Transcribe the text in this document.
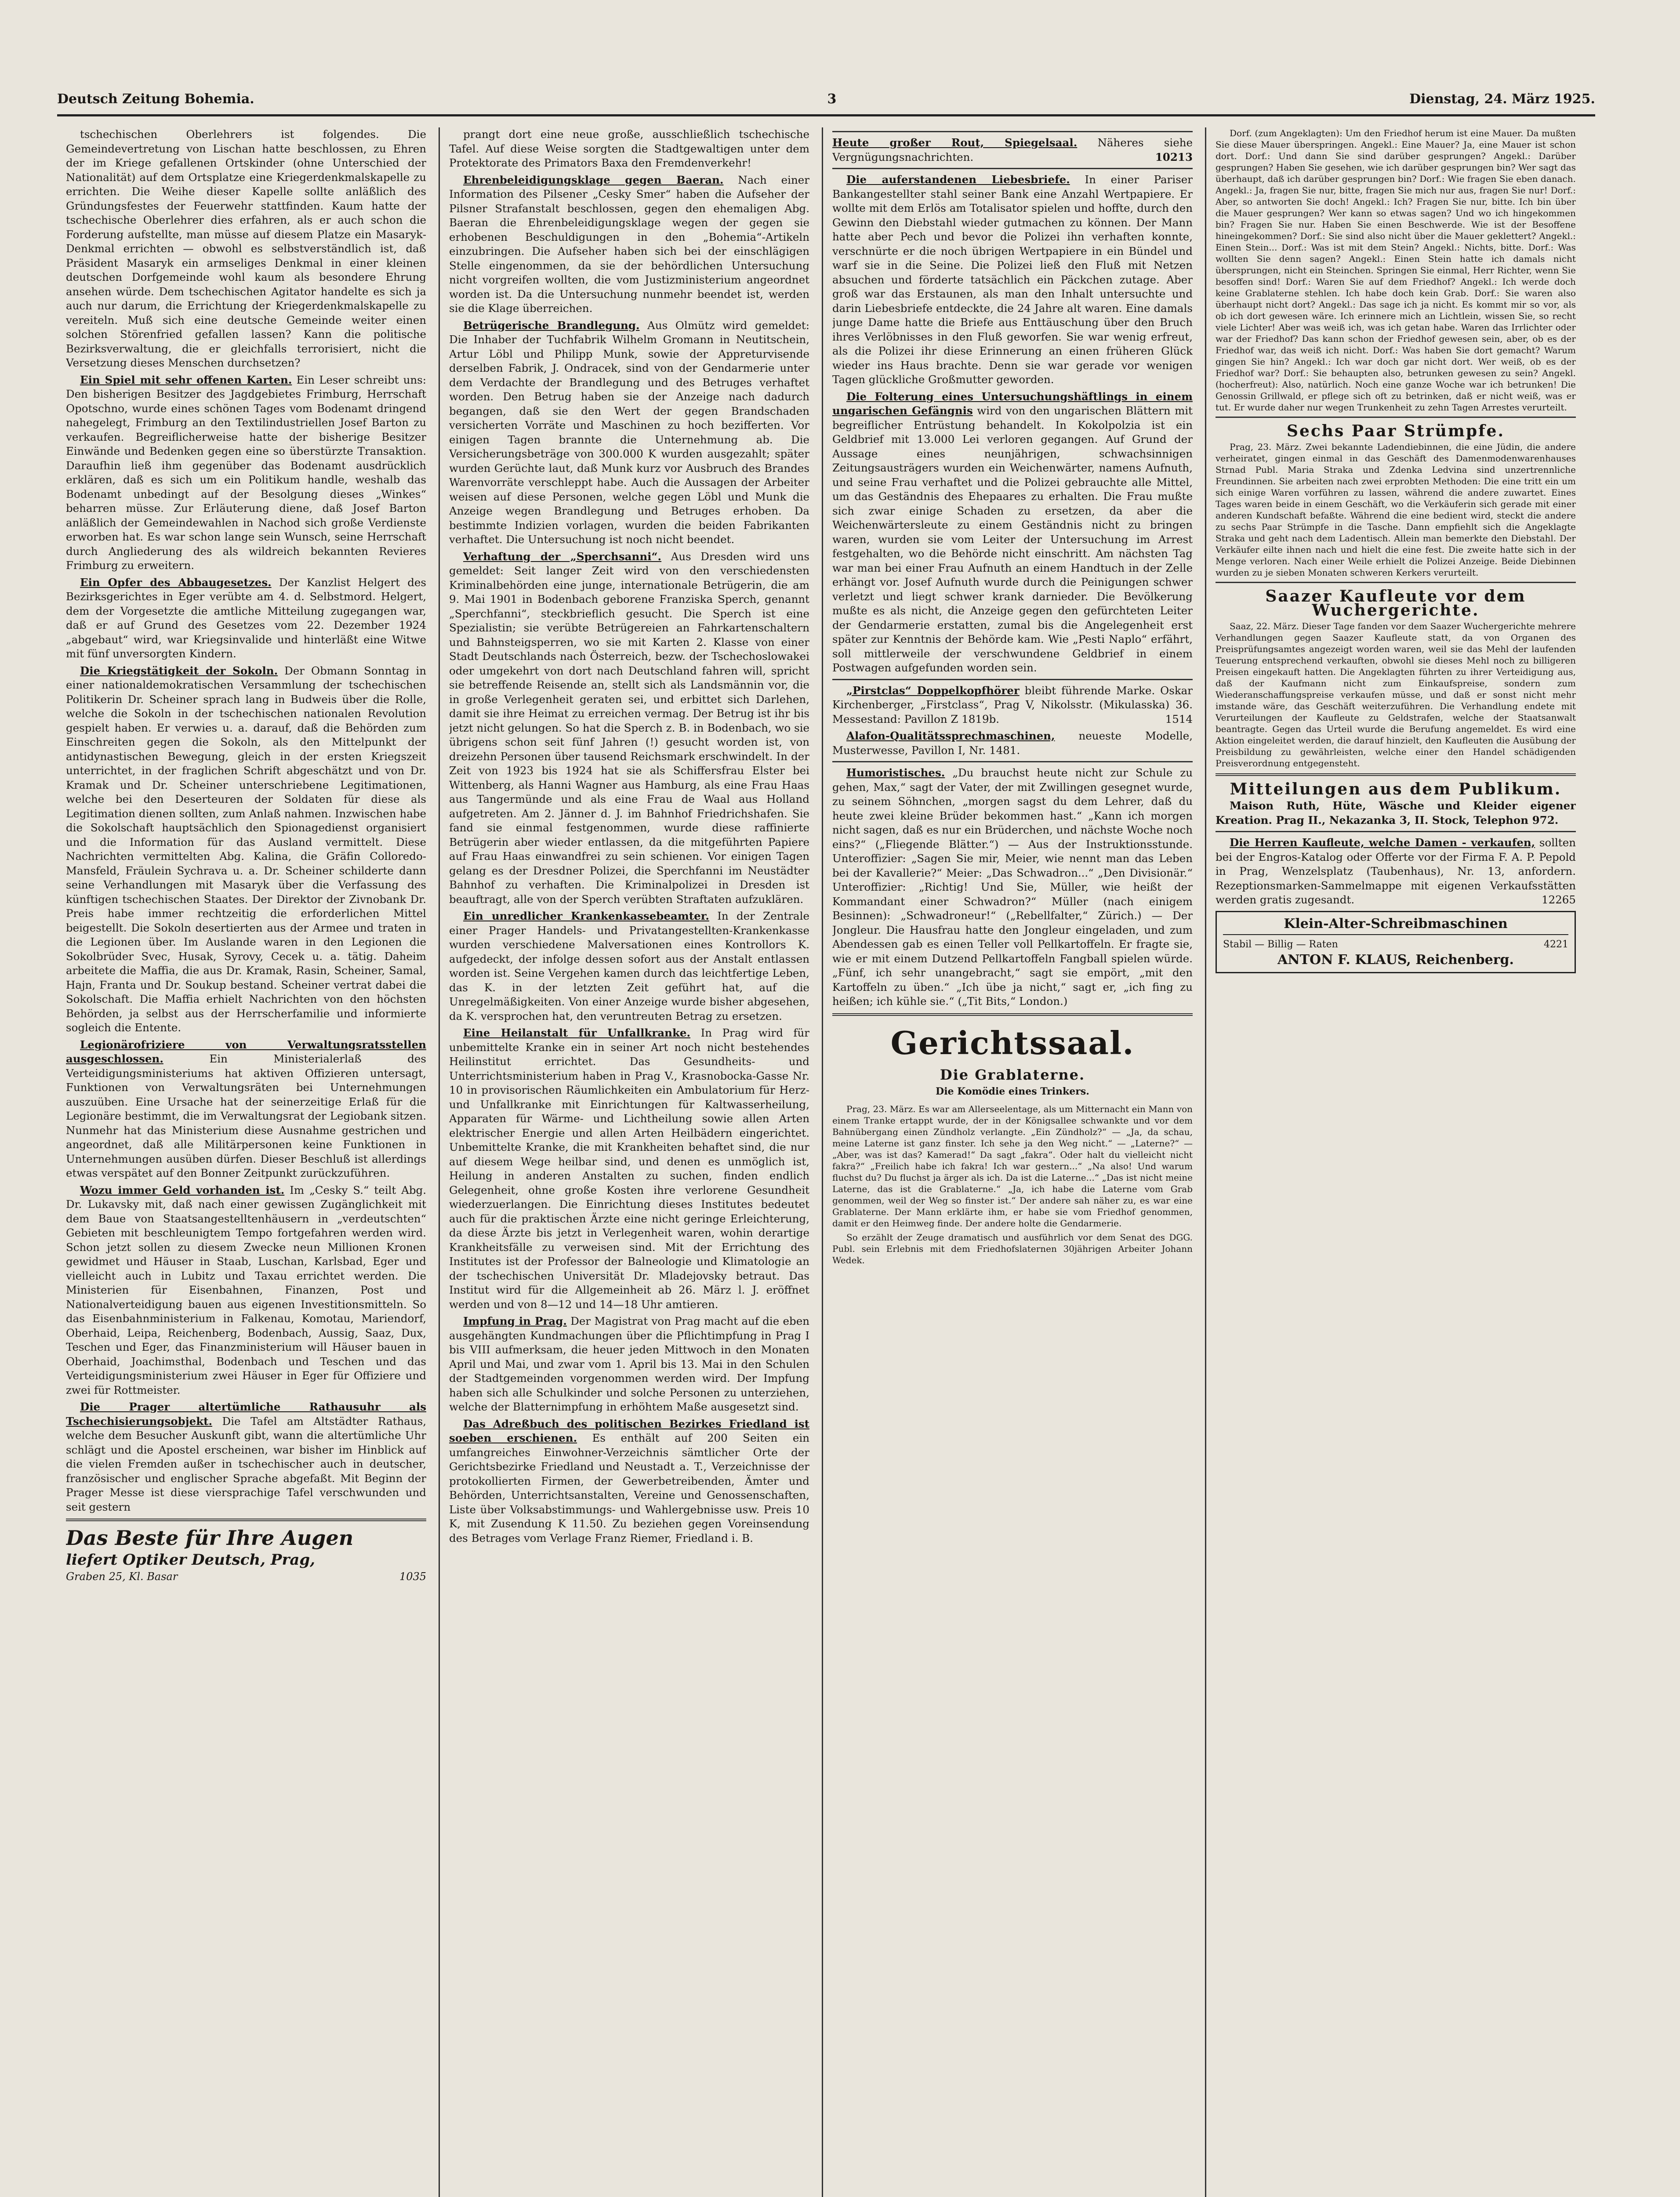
Deutsch Zeitung Bohemia.	3	Dienstag, 24. März 1925.

tschechischen Oberlehrers ist folgendes. Die Gemeindevertretung von Lischan hatte beschlossen, zu Ehren der im Kriege gefallenen Ortskinder (ohne Unterschied der Nationalität) auf dem Ortsplatze eine Kriegerdenkmalskapelle zu errichten. Die Weihe dieser Kapelle sollte anläßlich des Gründungsfestes der Feuerwehr stattfinden. Kaum hatte der tschechische Oberlehrer dies erfahren, als er auch schon die Forderung aufstellte, man müsse auf diesem Platze ein Masaryk-Denkmal errichten — obwohl es selbstverständlich ist, daß Präsident Masaryk ein armseliges Denkmal in einer kleinen deutschen Dorfgemeinde wohl kaum als besondere Ehrung ansehen würde. Dem tschechischen Agitator handelte es sich ja auch nur darum, die Errichtung der Kriegerdenkmalskapelle zu vereiteln. Muß sich eine deutsche Gemeinde weiter einen solchen Störenfried gefallen lassen? Kann die politische Bezirksverwaltung, die er gleichfalls terrorisiert, nicht die Versetzung dieses Menschen durchsetzen?

Ein Spiel mit sehr offenen Karten. Ein Leser schreibt uns: Den bisherigen Besitzer des Jagdgebietes Frimburg, Herrschaft Opotschno, wurde eines schönen Tages vom Bodenamt dringend nahegelegt, Frimburg an den Textilindustriellen Josef Barton zu verkaufen. Begreiflicherweise hatte der bisherige Besitzer Einwände und Bedenken gegen eine so überstürzte Transaktion. Daraufhin ließ ihm gegenüber das Bodenamt ausdrücklich erklären, daß es sich um ein Politikum handle, weshalb das Bodenamt unbedingt auf der Besolgung dieses „Winkes“ beharren müsse. Zur Erläuterung diene, daß Josef Barton anläßlich der Gemeindewahlen in Nachod sich große Verdienste erworben hat. Es war schon lange sein Wunsch, seine Herrschaft durch Angliederung des als wildreich bekannten Revieres Frimburg zu erweitern.

Ein Opfer des Abbaugesetzes. Der Kanzlist Helgert des Bezirksgerichtes in Eger verübte am 4. d. Selbstmord. Helgert, dem der Vorgesetzte die amtliche Mitteilung zugegangen war, daß er auf Grund des Gesetzes vom 22. Dezember 1924 „abgebaut“ wird, war Kriegsinvalide und hinterläßt eine Witwe mit fünf unversorgten Kindern.

Die Kriegstätigkeit der Sokoln. Der Obmann Sonntag in einer nationaldemokratischen Versammlung der tschechischen Politikerin Dr. Scheiner sprach lang in Budweis über die Rolle, welche die Sokoln in der tschechischen nationalen Revolution gespielt haben. Er verwies u. a. darauf, daß die Behörden zum Einschreiten gegen die Sokoln, als den Mittelpunkt der antidynastischen Bewegung, gleich in der ersten Kriegszeit unterrichtet, in der fraglichen Schrift abgeschätzt und von Dr. Kramak und Dr. Scheiner unterschriebene Legitimationen, welche bei den Deserteuren der Soldaten für diese als Legitimation dienen sollten, zum Anlaß nahmen. Inzwischen habe die Sokolschaft hauptsächlich den Spionagedienst organisiert und die Information für das Ausland vermittelt. Diese Nachrichten vermittelten Abg. Kalina, die Gräfin Colloredo-Mansfeld, Fräulein Sychrava u. a. Dr. Scheiner schilderte dann seine Verhandlungen mit Masaryk über die Verfassung des künftigen tschechischen Staates. Der Direktor der Zivnobank Dr. Preis habe immer rechtzeitig die erforderlichen Mittel beigestellt. Die Sokoln desertierten aus der Armee und traten in die Legionen über. Im Auslande waren in den Legionen die Sokolbrüder Svec, Husak, Syrovy, Cecek u. a. tätig. Daheim arbeitete die Maffia, die aus Dr. Kramak, Rasin, Scheiner, Samal, Hajn, Franta und Dr. Soukup bestand. Scheiner vertrat dabei die Sokolschaft. Die Maffia erhielt Nachrichten von den höchsten Behörden, ja selbst aus der Herrscherfamilie und informierte sogleich die Entente.

Legionärofriziere von Verwaltungsratsstellen ausgeschlossen.	Ein Ministerialerlaß des Verteidigungsministeriums hat aktiven Offizieren untersagt, Funktionen von Verwaltungsräten bei Unternehmungen auszuüben. Eine Ursache hat der seinerzeitige Erlaß für die Legionäre bestimmt, die im Verwaltungsrat der Legiobank sitzen. Nunmehr hat das Ministerium diese Ausnahme gestrichen und angeordnet, daß alle Militärpersonen keine Funktionen in Unternehmungen ausüben dürfen. Dieser Beschluß ist allerdings etwas verspätet auf den Bonner Zeitpunkt zurückzuführen.

Wozu immer Geld vorhanden ist. Im „Cesky S.“ teilt Abg. Dr. Lukavsky mit, daß nach einer gewissen Zugänglichkeit mit dem Baue von Staatsangestelltenhäusern in „verdeutschten“ Gebieten mit beschleunigtem Tempo fortgefahren werden wird. Schon jetzt sollen zu diesem Zwecke neun Millionen Kronen gewidmet und Häuser in Staab, Luschan, Karlsbad, Eger und vielleicht auch in Lubitz und Taxau errichtet werden. Die Ministerien für Eisenbahnen, Finanzen, Post und Nationalverteidigung bauen aus eigenen Investitionsmitteln. So das Eisenbahnministerium in Falkenau, Komotau, Mariendorf, Oberhaid, Leipa, Reichenberg, Bodenbach, Aussig, Saaz, Dux, Teschen und Eger, das Finanzministerium will Häuser bauen in Oberhaid, Joachimsthal, Bodenbach und Teschen und das Verteidigungsministerium zwei Häuser in Eger für Offiziere und zwei für Rottmeister.

Die Prager altertümliche Rathausuhr als Tschechisierungsobjekt. Die Tafel am Altstädter Rathaus, welche dem Besucher Auskunft gibt, wann die altertümliche Uhr schlägt und die Apostel erscheinen, war bisher im Hinblick auf die vielen Fremden außer in tschechischer auch in deutscher, französischer und englischer Sprache abgefaßt. Mit Beginn der Prager Messe ist diese viersprachige Tafel verschwunden und seit gestern

Das Beste für Ihre Augen
liefert Optiker Deutsch, Prag,
Graben 25, Kl. Basar	1035

prangt dort eine neue große, ausschließlich tschechische Tafel. Auf diese Weise sorgten die Stadtgewaltigen unter dem Protektorate des Primators Baxa den Fremdenverkehr!

Ehrenbeleidigungsklage gegen Baeran. Nach einer Information des Pilsener „Cesky Smer“ haben die Aufseher der Pilsner Strafanstalt beschlossen, gegen den ehemaligen Abg. Baeran die Ehrenbeleidigungsklage wegen der gegen sie erhobenen Beschuldigungen in den „Bohemia“-Artikeln einzubringen. Die Aufseher haben sich bei der einschlägigen Stelle eingenommen, da sie der behördlichen Untersuchung nicht vorgreifen wollten, die vom Justizministerium angeordnet worden ist. Da die Untersuchung nunmehr beendet ist, werden sie die Klage überreichen.

Betrügerische Brandlegung. Aus Olmütz wird gemeldet: Die Inhaber der Tuchfabrik Wilhelm Gromann in Neutitschein, Artur Löbl und Philipp Munk, sowie der Appreturvisende derselben Fabrik, J. Ondracek, sind von der Gendarmerie unter dem Verdachte der Brandlegung und des Betruges verhaftet worden. Den Betrug haben sie der Anzeige nach dadurch begangen, daß sie den Wert der gegen Brandschaden versicherten Vorräte und Maschinen zu hoch bezifferten. Vor einigen Tagen brannte die Unternehmung ab. Die Versicherungsbeträge von 300.000 K wurden ausgezahlt; später wurden Gerüchte laut, daß Munk kurz vor Ausbruch des Brandes Warenvorräte verschleppt habe. Auch die Aussagen der Arbeiter weisen auf diese Personen, welche gegen Löbl und Munk die Anzeige wegen Brandlegung und Betruges erhoben. Da bestimmte Indizien vorlagen, wurden die beiden Fabrikanten verhaftet. Die Untersuchung ist noch nicht beendet.

Verhaftung der „Sperchsanni“. Aus Dresden wird uns gemeldet: Seit langer Zeit wird von den verschiedensten Kriminalbehörden eine junge, internationale Betrügerin, die am 9. Mai 1901 in Bodenbach geborene Franziska Sperch, genannt „Sperchfanni“, steckbrieflich gesucht. Die Sperch ist eine Spezialistin; sie verübte Betrügereien an Fahrkartenschaltern und Bahnsteigsperren, wo sie mit Karten 2. Klasse von einer Stadt Deutschlands nach Österreich, bezw. der Tschechoslowakei oder umgekehrt von dort nach Deutschland fahren will, spricht sie betreffende Reisende an, stellt sich als Landsmännin vor, die in große Verlegenheit geraten sei, und erbittet sich Darlehen, damit sie ihre Heimat zu erreichen vermag. Der Betrug ist ihr bis jetzt nicht gelungen. So hat die Sperch z. B. in Bodenbach, wo sie übrigens schon seit fünf Jahren (!) gesucht worden ist, von dreizehn Personen über tausend Reichsmark erschwindelt. In der Zeit von 1923 bis 1924 hat sie als Schiffersfrau Elster bei Wittenberg, als Hanni Wagner aus Hamburg, als eine Frau Haas aus Tangermünde und als eine Frau de Waal aus Holland aufgetreten. Am 2. Jänner d. J. im Bahnhof Friedrichshafen. Sie fand sie einmal festgenommen, wurde diese raffinierte Betrügerin aber wieder entlassen, da die mitgeführten Papiere auf Frau Haas einwandfrei zu sein schienen. Vor einigen Tagen gelang es der Dresdner Polizei, die Sperchfanni im Neustädter Bahnhof zu verhaften. Die Kriminalpolizei in Dresden ist beauftragt, alle von der Sperch verübten Straftaten aufzuklären.

Ein unredlicher Krankenkassebeamter. In der Zentrale einer Prager Handels- und Privatangestellten-Krankenkasse wurden verschiedene Malversationen eines Kontrollors K. aufgedeckt, der infolge dessen sofort aus der Anstalt entlassen worden ist. Seine Vergehen kamen durch das leichtfertige Leben, das K. in der letzten Zeit geführt hat, auf die Unregelmäßigkeiten. Von einer Anzeige wurde bisher abgesehen, da K. versprochen hat, den veruntreuten Betrag zu ersetzen.

Eine Heilanstalt für Unfallkranke. In Prag wird für unbemittelte Kranke ein in seiner Art noch nicht bestehendes Heilinstitut errichtet. Das Gesundheits- und Unterrichtsministerium haben in Prag V., Krasnobocka-Gasse Nr. 10 in provisorischen Räumlichkeiten ein Ambulatorium für Herz- und Unfallkranke mit Einrichtungen für Kaltwasserheilung, Apparaten für Wärme- und Lichtheilung sowie allen Arten elektrischer Energie und allen Arten Heilbädern eingerichtet. Unbemittelte Kranke, die mit Krankheiten behaftet sind, die nur auf diesem Wege heilbar sind, und denen es unmöglich ist, Heilung in anderen Anstalten zu suchen, finden endlich Gelegenheit, ohne große Kosten ihre verlorene Gesundheit wiederzuerlangen. Die Einrichtung dieses Institutes bedeutet auch für die praktischen Ärzte eine nicht geringe Erleichterung, da diese Ärzte bis jetzt in Verlegenheit waren, wohin derartige Krankheitsfälle zu verweisen sind. Mit der Errichtung des Institutes ist der Professor der Balneologie und Klimatologie an der tschechischen Universität Dr. Mladejovsky betraut. Das Institut wird für die Allgemeinheit ab 26. März l. J. eröffnet werden und von 8—12 und 14—18 Uhr amtieren.

Impfung in Prag. Der Magistrat von Prag macht auf die eben ausgehängten Kundmachungen über die Pflichtimpfung in Prag I bis VIII aufmerksam, die heuer jeden Mittwoch in den Monaten April und Mai, und zwar vom 1. April bis 13. Mai in den Schulen der Stadtgemeinden vorgenommen werden wird. Der Impfung haben sich alle Schulkinder und solche Personen zu unterziehen, welche der Blatternimpfung in erhöhtem Maße ausgesetzt sind.

Das Adreßbuch des politischen Bezirkes Friedland ist soeben erschienen. Es enthält auf 200 Seiten ein umfangreiches Einwohner-Verzeichnis sämtlicher Orte der Gerichtsbezirke Friedland und Neustadt a. T., Verzeichnisse der protokollierten Firmen, der Gewerbetreibenden, Ämter und Behörden, Unterrichtsanstalten, Vereine und Genossenschaften, Liste über Volksabstimmungs- und Wahlergebnisse usw. Preis 10 K, mit Zusendung K 11.50. Zu beziehen gegen Voreinsendung des Betrages vom Verlage Franz Riemer, Friedland i. B.

Heute großer Rout, Spiegelsaal. Näheres siehe Vergnügungsnachrichten.	10213

Die auferstandenen Liebesbriefe. In einer Pariser Bankangestellter stahl seiner Bank eine Anzahl Wertpapiere. Er wollte mit dem Erlös am Totalisator spielen und hoffte, durch den Gewinn den Diebstahl wieder gutmachen zu können. Der Mann hatte aber Pech und bevor die Polizei ihn verhaften konnte, verschnürte er die noch übrigen Wertpapiere in ein Bündel und warf sie in die Seine. Die Polizei ließ den Fluß mit Netzen absuchen und förderte tatsächlich ein Päckchen zutage. Aber groß war das Erstaunen, als man den Inhalt untersuchte und darin Liebesbriefe entdeckte, die 24 Jahre alt waren. Eine damals junge Dame hatte die Briefe aus Enttäuschung über den Bruch ihres Verlöbnisses in den Fluß geworfen. Sie war wenig erfreut, als die Polizei ihr diese Erinnerung an einen früheren Glück wieder ins Haus brachte. Denn sie war gerade vor wenigen Tagen glückliche Großmutter geworden.

Die Folterung eines Untersuchungshäftlings in einem ungarischen Gefängnis wird von den ungarischen Blättern mit begreiflicher Entrüstung behandelt. In Kokolpolzia ist ein Geldbrief mit 13.000 Lei verloren gegangen. Auf Grund der Aussage eines neunjährigen, schwachsinnigen Zeitungsausträgers wurden ein Weichenwärter, namens Aufnuth, und seine Frau verhaftet und die Polizei gebrauchte alle Mittel, um das Geständnis des Ehepaares zu erhalten. Die Frau mußte sich zwar einige Schaden zu ersetzen, da aber die Weichenwärtersleute zu einem Geständnis nicht zu bringen waren, wurden sie vom Leiter der Untersuchung im Arrest festgehalten, wo die Behörde nicht einschritt. Am nächsten Tag war man bei einer Frau Aufnuth an einem Handtuch in der Zelle erhängt vor. Josef Aufnuth wurde durch die Peinigungen schwer verletzt und liegt schwer krank darnieder. Die Bevölkerung mußte es als nicht, die Anzeige gegen den gefürchteten Leiter der Gendarmerie erstatten, zumal bis die Angelegenheit erst später zur Kenntnis der Behörde kam. Wie „Pesti Naplo“ erfährt, soll mittlerweile der verschwundene Geldbrief in einem Postwagen aufgefunden worden sein.

„Pirstclas“ Doppelkopfhörer bleibt führende Marke. Oskar Kirchenberger, „Firstclass“, Prag V, Nikolsstr. (Mikulasska) 36. Messestand: Pavillon Z 1819b.	1514

Alafon-Qualitätssprechmaschinen, neueste Modelle, Musterwesse, Pavillon I, Nr. 1481.

Humoristisches. „Du brauchst heute nicht zur Schule zu gehen, Max,“ sagt der Vater, der mit Zwillingen gesegnet wurde, zu seinem Söhnchen, „morgen sagst du dem Lehrer, daß du heute zwei kleine Brüder bekommen hast.“ „Kann ich morgen nicht sagen, daß es nur ein Brüderchen, und nächste Woche noch eins?“ („Fliegende Blätter.“) — Aus der Instruktionsstunde. Unteroffizier: „Sagen Sie mir, Meier, wie nennt man das Leben bei der Kavallerie?“ Meier: „Das Schwadron...“ „Den Divisionär.“ Unteroffizier: „Richtig! Und Sie, Müller, wie heißt der Kommandant einer Schwadron?“ Müller (nach einigem Besinnen): „Schwadroneur!“ („Rebellfalter,“ Zürich.) — Der Jongleur. Die Hausfrau hatte den Jongleur eingeladen, und zum Abendessen gab es einen Teller voll Pellkartoffeln. Er fragte sie, wie er mit einem Dutzend Pellkartoffeln Fangball spielen würde. „Fünf, ich sehr unangebracht,“ sagt sie empört, „mit den Kartoffeln zu üben.“ „Ich übe ja nicht,“ sagt er, „ich fing zu heißen; ich kühle sie.“ („Tit Bits,“ London.)

Gerichtssaal.
Die Grablaterne.
Die Komödie eines Trinkers.

Prag, 23. März. Es war am Allerseelentage, als um Mitternacht ein Mann von einem Tranke ertappt wurde, der in der Königsallee schwankte und vor dem Bahnübergang einen Zündholz verlangte. „Ein Zündholz?“ — „Ja, da schau, meine Laterne ist ganz finster. Ich sehe ja den Weg nicht.“ — „Laterne?“ — „Aber, was ist das? Kamerad!“ Da sagt „fakra“. Oder halt du vielleicht nicht fakra?“ „Freilich habe ich fakra! Ich war gestern...“ „Na also! Und warum fluchst du? Du fluchst ja ärger als ich. Da ist die Laterne...“ „Das ist nicht meine Laterne, das ist die Grablaterne.“ „Ja, ich habe die Laterne vom Grab genommen, weil der Weg so finster ist.“ Der andere sah näher zu, es war eine Grablaterne. Der Mann erklärte ihm, er habe sie vom Friedhof genommen, damit er den Heimweg finde. Der andere holte die Gendarmerie.

So erzählt der Zeuge dramatisch und ausführlich vor dem Senat des DGG. Publ. sein Erlebnis mit dem Friedhofslaternen 30jährigen Arbeiter Johann Wedek.

Dorf. (zum Angeklagten): Um den Friedhof herum ist eine Mauer. Da mußten Sie diese Mauer überspringen. Angekl.: Eine Mauer? Ja, eine Mauer ist schon dort. Dorf.: Und dann Sie sind darüber gesprungen? Angekl.: Darüber gesprungen? Haben Sie gesehen, wie ich darüber gesprungen bin? Wer sagt das überhaupt, daß ich darüber gesprungen bin? Dorf.: Wie fragen Sie eben danach. Angekl.: Ja, fragen Sie nur, bitte, fragen Sie mich nur aus, fragen Sie nur! Dorf.: Aber, so antworten Sie doch! Angekl.: Ich? Fragen Sie nur, bitte. Ich bin über die Mauer gesprungen? Wer kann so etwas sagen? Und wo ich hingekommen bin? Fragen Sie nur. Haben Sie einen Beschwerde. Wie ist der Besoffene hineingekommen? Dorf.: Sie sind also nicht über die Mauer geklettert? Angekl.: Einen Stein... Dorf.: Was ist mit dem Stein? Angekl.: Nichts, bitte. Dorf.: Was wollten Sie denn sagen? Angekl.: Einen Stein hatte ich damals nicht übersprungen, nicht ein Steinchen. Springen Sie einmal, Herr Richter, wenn Sie besoffen sind! Dorf.: Waren Sie auf dem Friedhof? Angekl.: Ich werde doch keine Grablaterne stehlen. Ich habe doch kein Grab. Dorf.: Sie waren also überhaupt nicht dort? Angekl.: Das sage ich ja nicht. Es kommt mir so vor, als ob ich dort gewesen wäre. Ich erinnere mich an Lichtlein, wissen Sie, so recht viele Lichter! Aber was weiß ich, was ich getan habe. Waren das Irrlichter oder war der Friedhof? Das kann schon der Friedhof gewesen sein, aber, ob es der Friedhof war, das weiß ich nicht. Dorf.: Was haben Sie dort gemacht? Warum gingen Sie hin? Angekl.: Ich war doch gar nicht dort. Wer weiß, ob es der Friedhof war? Dorf.: Sie behaupten also, betrunken gewesen zu sein? Angekl. (hocherfreut): Also, natürlich. Noch eine ganze Woche war ich betrunken! Die Genossin Grillwald, er pflege sich oft zu betrinken, daß er nicht weiß, was er tut. Er wurde daher nur wegen Trunkenheit zu zehn Tagen Arrestes verurteilt.

Sechs Paar Strümpfe.

Prag, 23. März. Zwei bekannte Ladendiebinnen, die eine Jüdin, die andere verheiratet, gingen einmal in das Geschäft des Damenmodenwarenhauses Strnad Publ. Maria Straka und Zdenka Ledvina sind unzertrennliche Freundinnen. Sie arbeiten nach zwei erprobten Methoden: Die eine tritt ein um sich einige Waren vorführen zu lassen, während die andere zuwartet. Eines Tages waren beide in einem Geschäft, wo die Verkäuferin sich gerade mit einer anderen Kundschaft befaßte. Während die eine bedient wird, steckt die andere zu sechs Paar Strümpfe in die Tasche. Dann empfiehlt sich die Angeklagte Straka und geht nach dem Ladentisch. Allein man bemerkte den Diebstahl. Der Verkäufer eilte ihnen nach und hielt die eine fest. Die zweite hatte sich in der Menge verloren. Nach einer Weile erhielt die Polizei Anzeige. Beide Diebinnen wurden zu je sieben Monaten schweren Kerkers verurteilt.

Saazer Kaufleute vor dem Wuchergerichte.

Saaz, 22. März. Dieser Tage fanden vor dem Saazer Wuchergerichte mehrere Verhandlungen gegen Saazer Kaufleute statt, da von Organen des Preisprüfungsamtes angezeigt worden waren, weil sie das Mehl der laufenden Teuerung entsprechend verkauften, obwohl sie dieses Mehl noch zu billigeren Preisen eingekauft hatten. Die Angeklagten führten zu ihrer Verteidigung aus, daß der Kaufmann nicht zum Einkaufspreise, sondern zum Wiederanschaffungspreise verkaufen müsse, und daß er sonst nicht mehr imstande wäre, das Geschäft weiterzuführen. Die Verhandlung endete mit Verurteilungen der Kaufleute zu Geldstrafen, welche der Staatsanwalt beantragte. Gegen das Urteil wurde die Berufung angemeldet. Es wird eine Aktion eingeleitet werden, die darauf hinzielt, den Kaufleuten die Ausübung der Preisbildung zu gewährleisten, welche einer den Handel schädigenden Preisverordnung entgegensteht.

Mitteilungen aus dem Publikum.

Maison Ruth, Hüte, Wäsche und Kleider eigener Kreation. Prag II., Nekazanka 3, II. Stock, Telephon 972.

Die Herren Kaufleute, welche Damen - verkaufen, sollten bei der Engros-Katalog oder Offerte vor der Firma F. A. P. Pepold in Prag, Wenzelsplatz (Taubenhaus), Nr. 13, anfordern. Rezeptionsmarken-Sammelmappe mit eigenen Verkaufsstätten werden gratis zugesandt.	12265

Klein-Alter-Schreibmaschinen
Stabil — Billig — Raten	4221
ANTON F. KLAUS, Reichenberg.
